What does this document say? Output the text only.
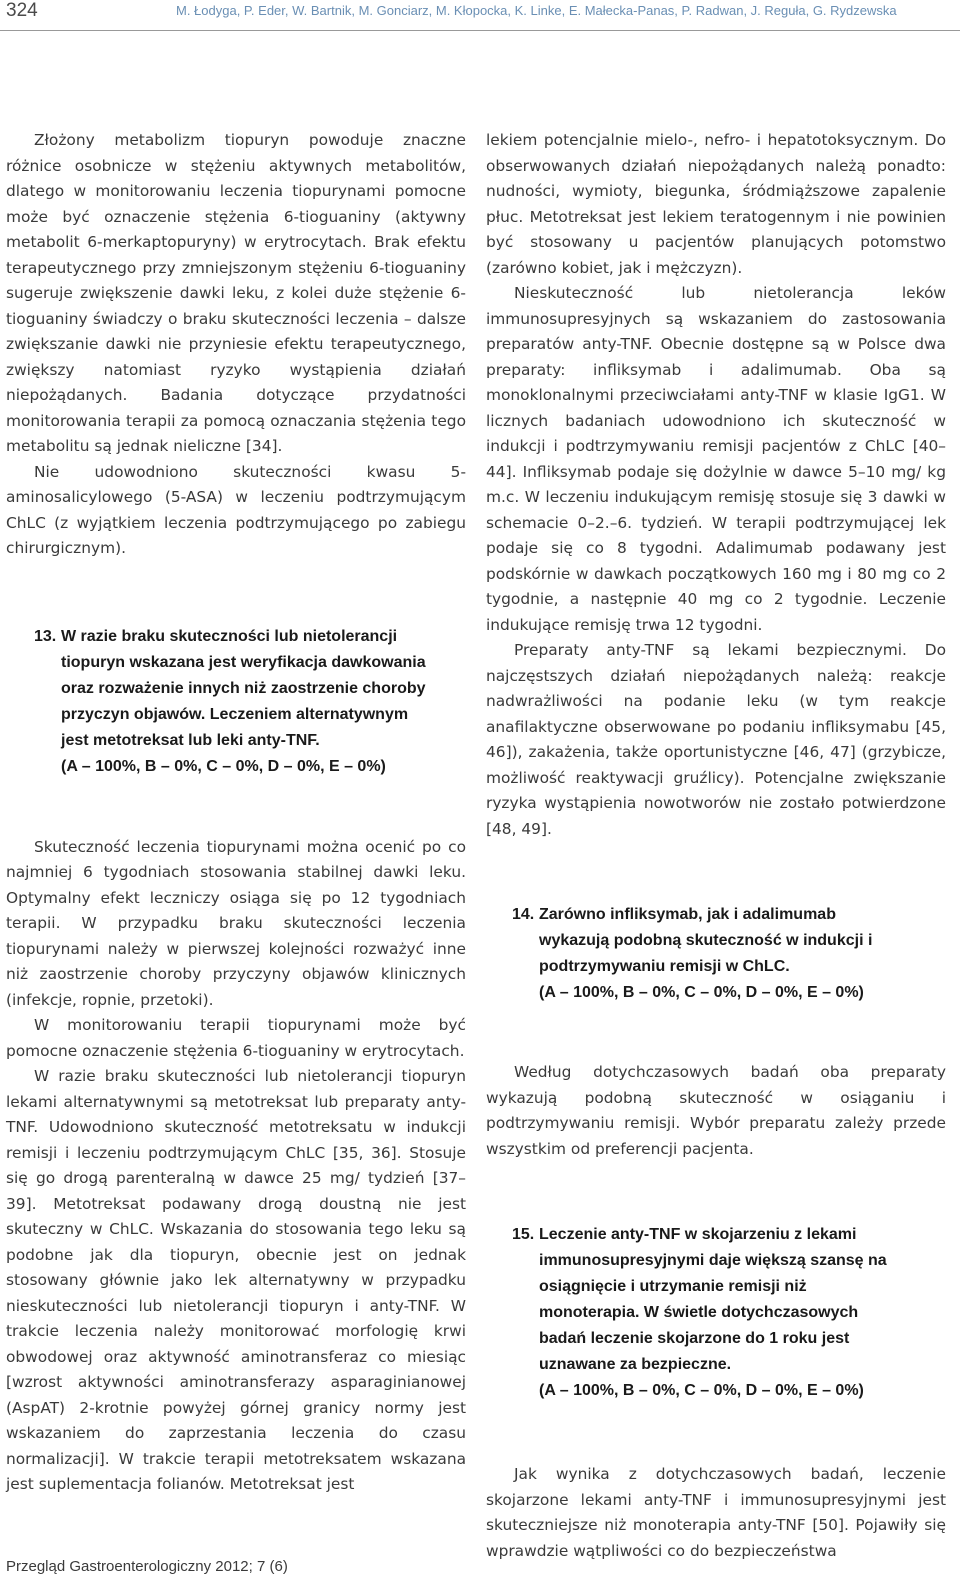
324	M. Łodyga, P. Eder, W. Bartnik, M. Gonciarz, M. Kłopocka, K. Linke, E. Małecka-Panas, P. Radwan, J. Reguła, G. Rydzewska

Złożony metabolizm tiopuryn powoduje znaczne różnice osobnicze w stężeniu aktywnych metabolitów, dlatego w monitorowaniu leczenia tiopurynami pomocne może być oznaczenie stężenia 6-tioguaniny (aktywny metabolit 6-merkaptopuryny) w erytrocytach. Brak efektu terapeutycznego przy zmniejszonym stężeniu 6-tioguaniny sugeruje zwiększenie dawki leku, z kolei duże stężenie 6-tioguaniny świadczy o braku skuteczności leczenia – dalsze zwiększanie dawki nie przyniesie efektu terapeutycznego, zwiększy natomiast ryzyko wystąpienia działań niepożądanych. Badania dotyczące przydatności monitorowania terapii za pomocą oznaczania stężenia tego metabolitu są jednak nieliczne [34].

Nie udowodniono skuteczności kwasu 5-aminosalicylowego (5-ASA) w leczeniu podtrzymującym ChLC (z wyjątkiem leczenia podtrzymującego po zabiegu chirurgicznym).

13. W razie braku skuteczności lub nietolerancji tiopuryn wskazana jest weryfikacja dawkowania oraz rozważenie innych niż zaostrzenie choroby przyczyn objawów. Leczeniem alternatywnym jest metotreksat lub leki anty-TNF.
(A – 100%, B – 0%, C – 0%, D – 0%, E – 0%)

Skuteczność leczenia tiopurynami można ocenić po co najmniej 6 tygodniach stosowania stabilnej dawki leku. Optymalny efekt leczniczy osiąga się po 12 tygodniach terapii. W przypadku braku skuteczności leczenia tiopurynami należy w pierwszej kolejności rozważyć inne niż zaostrzenie choroby przyczyny objawów klinicznych (infekcje, ropnie, przetoki).

W monitorowaniu terapii tiopurynami może być pomocne oznaczenie stężenia 6-tioguaniny w erytrocytach.

W razie braku skuteczności lub nietolerancji tiopuryn lekami alternatywnymi są metotreksat lub preparaty anty-TNF. Udowodniono skuteczność metotreksatu w indukcji remisji i leczeniu podtrzymującym ChLC [35, 36]. Stosuje się go drogą parenteralną w dawce 25 mg/ tydzień [37–39]. Metotreksat podawany drogą doustną nie jest skuteczny w ChLC. Wskazania do stosowania tego leku są podobne jak dla tiopuryn, obecnie jest on jednak stosowany głównie jako lek alternatywny w przypadku nieskuteczności lub nietolerancji tiopuryn i anty-TNF. W trakcie leczenia należy monitorować morfologię krwi obwodowej oraz aktywność aminotransferaz co miesiąc [wzrost aktywności aminotransferazy asparaginianowej (AspAT) 2-krotnie powyżej górnej granicy normy jest wskazaniem do zaprzestania leczenia do czasu normalizacji]. W trakcie terapii metotreksatem wskazana jest suplementacja folianów. Metotreksat jest

lekiem potencjalnie mielo-, nefro- i hepatotoksycznym. Do obserwowanych działań niepożądanych należą ponadto: nudności, wymioty, biegunka, śródmiąższowe zapalenie płuc. Metotreksat jest lekiem teratogennym i nie powinien być stosowany u pacjentów planujących potomstwo (zarówno kobiet, jak i mężczyzn).

Nieskuteczność lub nietolerancja leków immunosupresyjnych są wskazaniem do zastosowania preparatów anty-TNF. Obecnie dostępne są w Polsce dwa preparaty: infliksymab i adalimumab. Oba są monoklonalnymi przeciwciałami anty-TNF w klasie IgG1. W licznych badaniach udowodniono ich skuteczność w indukcji i podtrzymywaniu remisji pacjentów z ChLC [40–44]. Infliksymab podaje się dożylnie w dawce 5–10 mg/ kg m.c. W leczeniu indukującym remisję stosuje się 3 dawki w schemacie 0–2.–6. tydzień. W terapii podtrzymującej lek podaje się co 8 tygodni. Adalimumab podawany jest podskórnie w dawkach początkowych 160 mg i 80 mg co 2 tygodnie, a następnie 40 mg co 2 tygodnie. Leczenie indukujące remisję trwa 12 tygodni.

Preparaty anty-TNF są lekami bezpiecznymi. Do najczęstszych działań niepożądanych należą: reakcje nadwrażliwości na podanie leku (w tym reakcje anafilaktyczne obserwowane po podaniu infliksymabu [45, 46]), zakażenia, także oportunistyczne [46, 47] (grzybicze, możliwość reaktywacji gruźlicy). Potencjalne zwiększanie ryzyka wystąpienia nowotworów nie zostało potwierdzone [48, 49].

14. Zarówno infliksymab, jak i adalimumab wykazują podobną skuteczność w indukcji i podtrzymywaniu remisji w ChLC.
(A – 100%, B – 0%, C – 0%, D – 0%, E – 0%)

Według dotychczasowych badań oba preparaty wykazują podobną skuteczność w osiąganiu i podtrzymywaniu remisji. Wybór preparatu zależy przede wszystkim od preferencji pacjenta.

15. Leczenie anty-TNF w skojarzeniu z lekami immunosupresyjnymi daje większą szansę na osiągnięcie i utrzymanie remisji niż monoterapia. W świetle dotychczasowych badań leczenie skojarzone do 1 roku jest uznawane za bezpieczne.
(A – 100%, B – 0%, C – 0%, D – 0%, E – 0%)

Jak wynika z dotychczasowych badań, leczenie skojarzone lekami anty-TNF i immunosupresyjnymi jest skuteczniejsze niż monoterapia anty-TNF [50]. Pojawiły się wprawdzie wątpliwości co do bezpieczeństwa

Przegląd Gastroenterologiczny 2012; 7 (6)
